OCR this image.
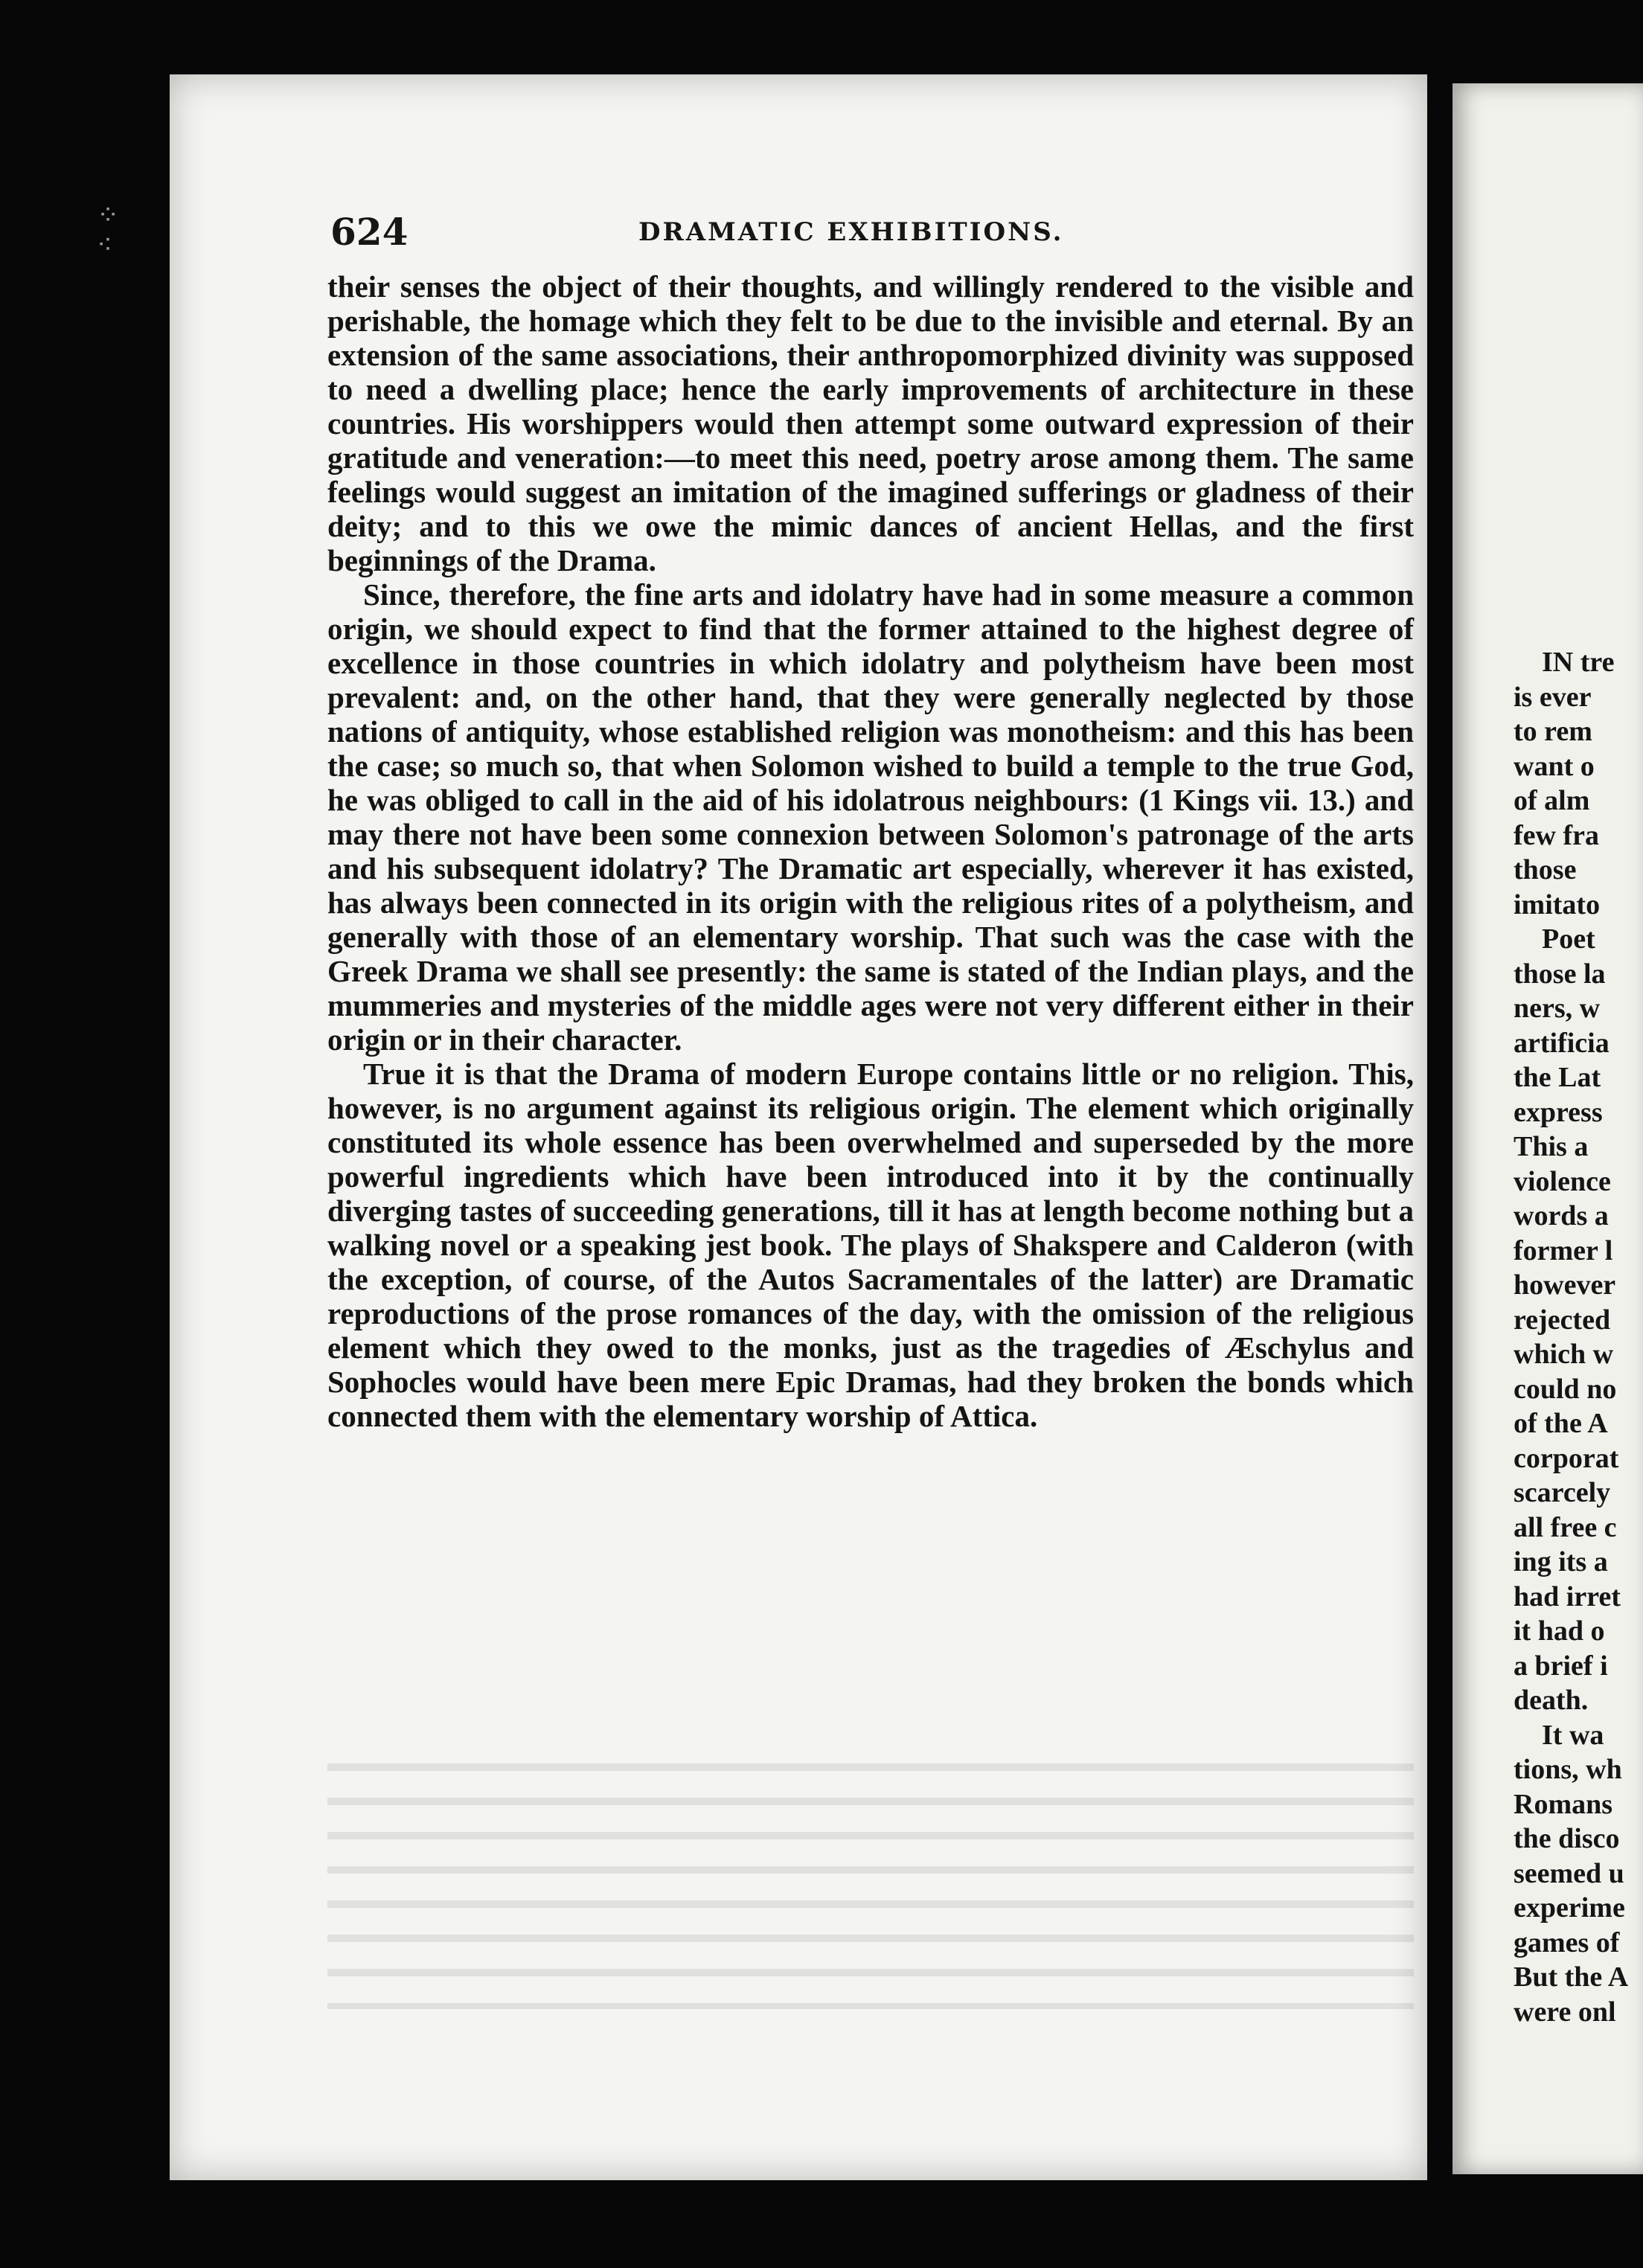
⁘
⁖	624	DRAMATIC EXHIBITIONS.

their senses the object of their thoughts, and willingly rendered to the visible and perishable, the homage which they felt to be due to the invisible and eternal. By an extension of the same associations, their anthropomorphized divinity was supposed to need a dwelling place; hence the early improvements of architecture in these countries. His worshippers would then attempt some outward expression of their gratitude and veneration:—to meet this need, poetry arose among them. The same feelings would suggest an imitation of the imagined sufferings or gladness of their deity; and to this we owe the mimic dances of ancient Hellas, and the first beginnings of the Drama.

Since, therefore, the fine arts and idolatry have had in some measure a common origin, we should expect to find that the former attained to the highest degree of excellence in those countries in which idolatry and polytheism have been most prevalent: and, on the other hand, that they were generally neglected by those nations of antiquity, whose established religion was monotheism: and this has been the case; so much so, that when Solomon wished to build a temple to the true God, he was obliged to call in the aid of his idolatrous neighbours: (1 Kings vii. 13.) and may there not have been some connexion between Solomon's patronage of the arts and his subsequent idolatry? The Dramatic art especially, wherever it has existed, has always been connected in its origin with the religious rites of a polytheism, and generally with those of an elementary worship. That such was the case with the Greek Drama we shall see presently: the same is stated of the Indian plays, and the mummeries and mysteries of the middle ages were not very different either in their origin or in their character.

True it is that the Drama of modern Europe contains little or no religion. This, however, is no argument against its religious origin. The element which originally constituted its whole essence has been overwhelmed and superseded by the more powerful ingredients which have been introduced into it by the continually diverging tastes of succeeding generations, till it has at length become nothing but a walking novel or a speaking jest book. The plays of Shakspere and Calderon (with the exception, of course, of the Autos Sacramentales of the latter) are Dramatic reproductions of the prose romances of the day, with the omission of the religious element which they owed to the monks, just as the tragedies of Æschylus and Sophocles would have been mere Epic Dramas, had they broken the bonds which connected them with the elementary worship of Attica.

IN tre
is ever
to rem
want o
of alm
few fra
those
imitato
Poet
those la
ners, w
artificia
the Lat
express
This a
violence
words a
former l
however
rejected
which w
could no
of the A
corporat
scarcely
all free c
ing its a
had irret
it had o
a brief i
death.
It wa
tions, wh
Romans
the disco
seemed u
experime
games of
But the A
were onl
